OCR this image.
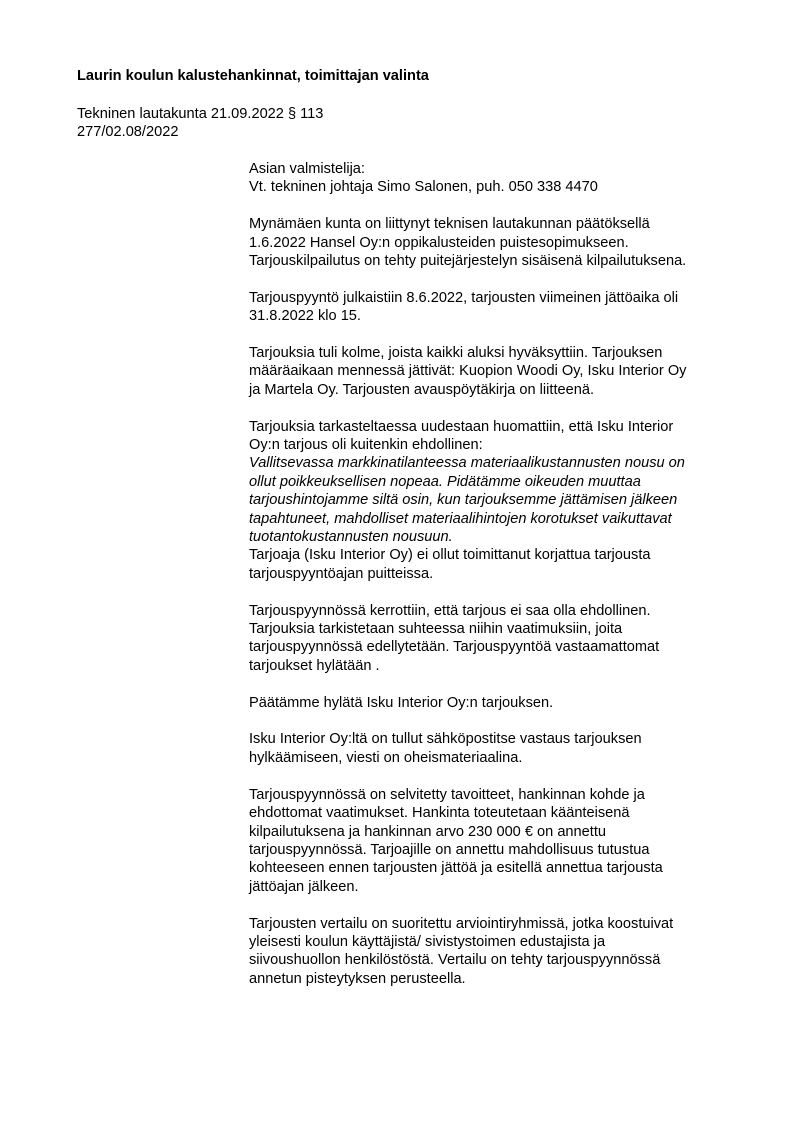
Laurin koulun kalustehankinnat, toimittajan valinta
Tekninen lautakunta 21.09.2022 § 113
277/02.08/2022
Asian valmistelija:
Vt. tekninen johtaja Simo Salonen, puh. 050 338 4470
Mynämäen kunta on liittynyt teknisen lautakunnan päätöksellä
1.6.2022 Hansel Oy:n oppikalusteiden puistesopimukseen.
Tarjouskilpailutus on tehty puitejärjestelyn sisäisenä kilpailutuksena.
Tarjouspyyntö julkaistiin 8.6.2022, tarjousten viimeinen jättöaika oli
31.8.2022 klo 15.
Tarjouksia tuli kolme, joista kaikki aluksi hyväksyttiin. Tarjouksen
määräaikaan mennessä jättivät: Kuopion Woodi Oy, Isku Interior Oy
ja Martela Oy. Tarjousten avauspöytäkirja on liitteenä.
Tarjouksia tarkasteltaessa uudestaan huomattiin, että Isku Interior
Oy:n tarjous oli kuitenkin ehdollinen:
Vallitsevassa markkinatilanteessa materiaalikustannusten nousu on
ollut poikkeuksellisen nopeaa. Pidätämme oikeuden muuttaa
tarjoushintojamme siltä osin, kun tarjouksemme jättämisen jälkeen
tapahtuneet, mahdolliset materiaalihintojen korotukset vaikuttavat
tuotantokustannusten nousuun.
Tarjoaja (Isku Interior Oy) ei ollut toimittanut korjattua tarjousta
tarjouspyyntöajan puitteissa.
Tarjouspyynnössä kerrottiin, että tarjous ei saa olla ehdollinen.
Tarjouksia tarkistetaan suhteessa niihin vaatimuksiin, joita
tarjouspyynnössä edellytetään. Tarjouspyyntöä vastaamattomat
tarjoukset hylätään .
Päätämme hylätä Isku Interior Oy:n tarjouksen.
Isku Interior Oy:ltä on tullut sähköpostitse vastaus tarjouksen
hylkäämiseen, viesti on oheismateriaalina.
Tarjouspyynnössä on selvitetty tavoitteet, hankinnan kohde ja
ehdottomat vaatimukset. Hankinta toteutetaan käänteisenä
kilpailutuksena ja hankinnan arvo 230 000 € on annettu
tarjouspyynnössä. Tarjoajille on annettu mahdollisuus tutustua
kohteeseen ennen tarjousten jättöä ja esitellä annettua tarjousta
jättöajan jälkeen.
Tarjousten vertailu on suoritettu arviointiryhmissä, jotka koostuivat
yleisesti koulun käyttäjistä/ sivistystoimen edustajista ja
siivoushuollon henkilöstöstä. Vertailu on tehty tarjouspyynnössä
annetun pisteytyksen perusteella.
